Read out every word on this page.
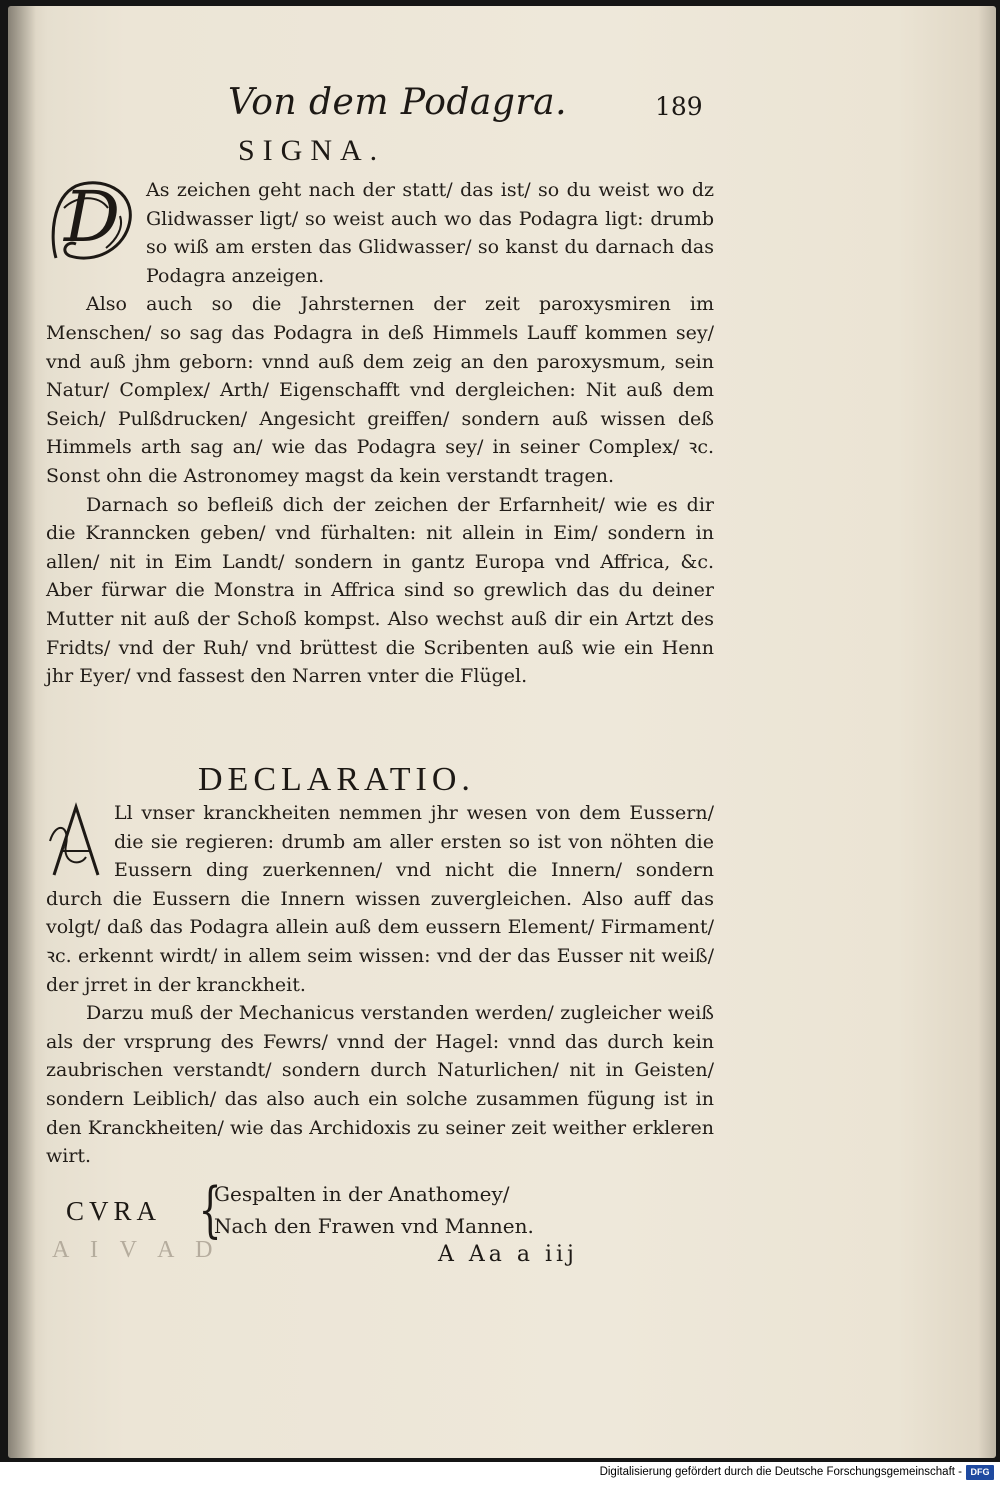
Von dem Podagra.	189
SIGNA.

D As zeichen geht nach der statt/ das ist/ so du weist wo dz Glidwasser ligt/ so weist auch wo das Podagra ligt: drumb so wiß am ersten das Glidwasser/ so kanst du darnach das Podagra anzeigen.

Also auch so die Jahrsternen der zeit paroxysmiren im Menschen/ so sag das Podagra in deß Himmels Lauff kommen sey/ vnd auß jhm geborn: vnnd auß dem zeig an den paroxysmum, sein Natur/ Complex/ Arth/ Eigenschafft vnd dergleichen: Nit auß dem Seich/ Pulßdrucken/ Angesicht greiffen/ sondern auß wissen deß Himmels arth sag an/ wie das Podagra sey/ in seiner Complex/ ꝛc. Sonst ohn die Astronomey magst da kein verstandt tragen.

Darnach so befleiß dich der zeichen der Erfarnheit/ wie es dir die Kranncken geben/ vnd fürhalten: nit allein in Eim/ sondern in allen/ nit in Eim Landt/ sondern in gantz Europa vnd Affrica, &c. Aber fürwar die Monstra in Affrica sind so grewlich das du deiner Mutter nit auß der Schoß kompst. Also wechst auß dir ein Artzt des Fridts/ vnd der Ruh/ vnd brüttest die Scribenten auß wie ein Henn jhr Eyer/ vnd fassest den Narren vnter die Flügel.

DECLARATIO.

Ll vnser kranckheiten nemmen jhr wesen von dem Eussern/ die sie regieren: drumb am aller ersten so ist von nöhten die Eussern ding zuerkennen/ vnd nicht die Innern/ sondern durch die Eussern die Innern wissen zuvergleichen. Also auff das volgt/ daß das Podagra allein auß dem eussern Element/ Firmament/ ꝛc. erkennt wirdt/ in allem seim wissen: vnd der das Eusser nit weiß/ der jrret in der kranckheit.

Darzu muß der Mechanicus verstanden werden/ zugleicher weiß als der vrsprung des Fewrs/ vnnd der Hagel: vnnd das durch kein zaubrischen verstandt/ sondern durch Naturlichen/ nit in Geisten/ sondern Leiblich/ das also auch ein solche zusammen fügung ist in den Kranckheiten/ wie das Archidoxis zu seiner zeit weither erkleren wirt.

CVRA {
Gespalten in der Anathomey/
Nach den Frawen vnd Mannen.
A I V A D	A Aa a iij
Digitalisierung gefördert durch die Deutsche Forschungsgemeinschaft - DFG
